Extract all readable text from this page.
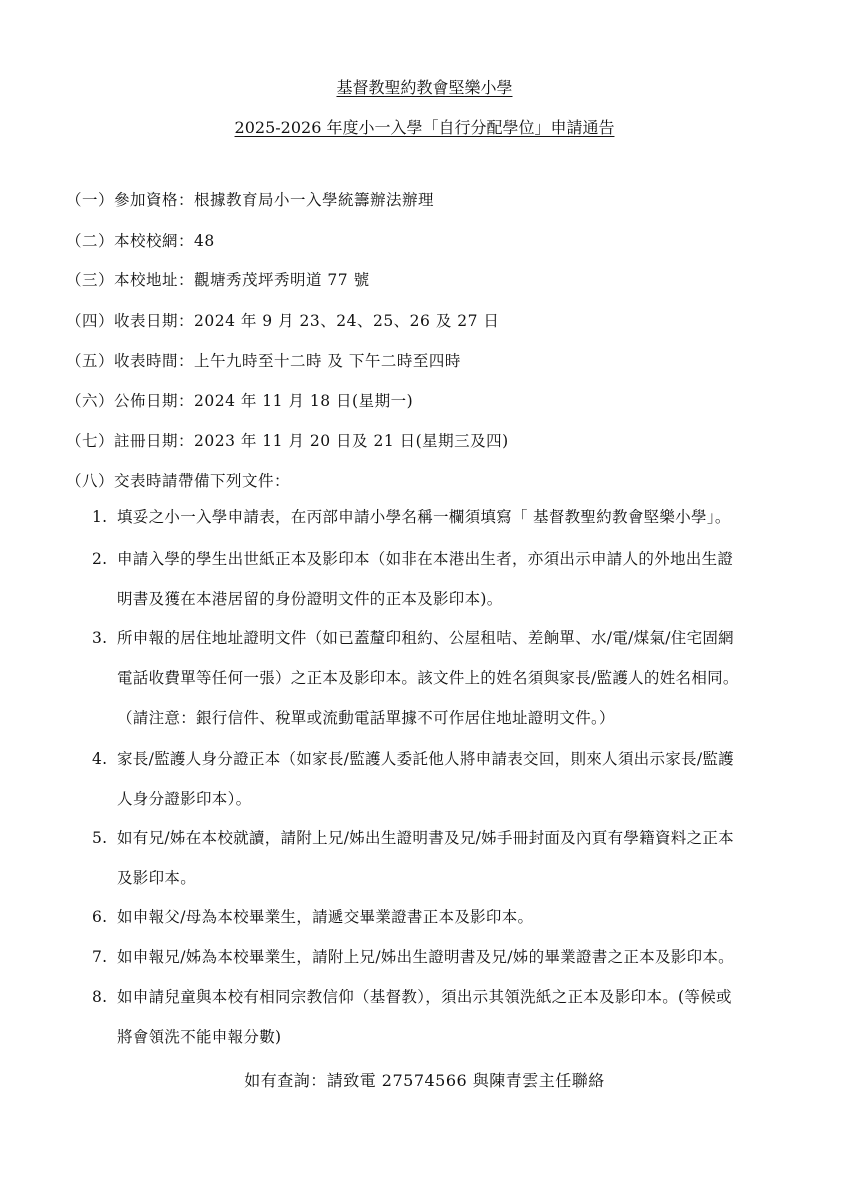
基督教聖約教會堅樂小學
2025-2026 年度小一入學「自行分配學位」申請通告
（一）參加資格：根據教育局小一入學統籌辦法辦理
（二）本校校網：48
（三）本校地址：觀塘秀茂坪秀明道 77 號
（四）收表日期：2024 年 9 月 23、24、25、26 及 27 日
（五）收表時間：上午九時至十二時 及 下午二時至四時
（六）公佈日期：2024 年 11 月 18 日(星期一)
（七）註冊日期：2023 年 11 月 20 日及 21 日(星期三及四)
（八）交表時請帶備下列文件：
1. 填妥之小一入學申請表，在丙部申請小學名稱一欄須填寫「 基督教聖約教會堅樂小學」。
2. 申請入學的學生出世紙正本及影印本（如非在本港出生者，亦須出示申請人的外地出生證
明書及獲在本港居留的身份證明文件的正本及影印本)。
3. 所申報的居住地址證明文件（如已蓋釐印租約、公屋租咭、差餉單、水/電/煤氣/住宅固網
電話收費單等任何一張）之正本及影印本。該文件上的姓名須與家長/監護人的姓名相同。
（請注意：銀行信件、稅單或流動電話單據不可作居住地址證明文件。）
4. 家長/監護人身分證正本（如家長/監護人委託他人將申請表交回，則來人須出示家長/監護
人身分證影印本）。
5. 如有兄/姊在本校就讀，請附上兄/姊出生證明書及兄/姊手冊封面及內頁有學籍資料之正本
及影印本。
6. 如申報父/母為本校畢業生，請遞交畢業證書正本及影印本。
7. 如申報兄/姊為本校畢業生，請附上兄/姊出生證明書及兄/姊的畢業證書之正本及影印本。
8. 如申請兒童與本校有相同宗教信仰（基督教），須出示其領洗紙之正本及影印本。(等候或
將會領洗不能申報分數)
如有查詢：請致電 27574566 與陳青雲主任聯絡
